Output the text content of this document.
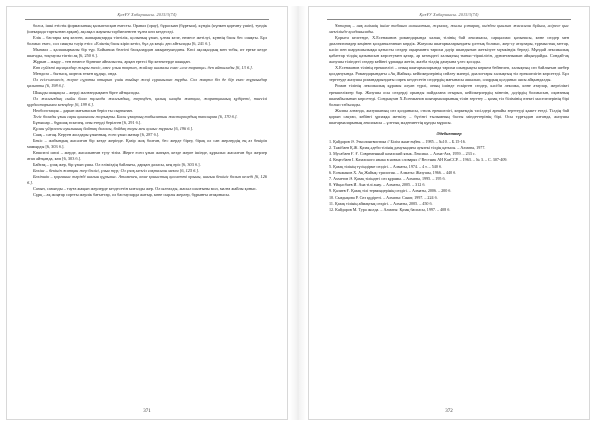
ҚазҰУ Хабаршысы. 2015/3(74)

болса, ішкі етістік формасының қалыптасқан еместы. Оравал (орау), бұрасыан (бұрғыш), күндік (күнкен қорғану үшін), тундік (шекарада тартылған арқан), ақсақал жауыны тәрбиеленген тұлға көп кездеседі.

Елік – бастары кең келген, жапырақтарды тіптілік, қолының ұзын, ұлғая келе, немесе жетілуі, күннің басы бес сияқты. Бұл болмыс емес, сол сияқты тәуір етіп: «Еліктің басы кіріп кетіп, бұл да кеңі» деп айтылады [6, 241 б.].

Мызмал – қалашырмалы бір түр. Бойынша белгіні басқалардан ажыратуындағы. Көсі ақсақалдың мен тобы, ит ертке кезде шығады, тоқтаулы тіптіп ақ [6, 250 б.].

Жұрын – жыру – тен немесе бірнеше айналысты, арқан ертесі бір кезектерде шыққан.

Көп сүйікті ақсақалдар жыры тегіс, емес ұзын тоқтап, жайлау шамалы емес «сол тарапқа» деп айтылады [6, 13 б.].

Мендоза – бытысқ, кирток өткен құдыр, онда.

Ол есіл-шешесіз, жерге сұраты отырып үшін тыйыр жеңі сұранылып тұрды. Сол жақта біз де бір емес тұрғындар қалыпты [6, 198 б.].

Шыңды шаңақсы – жерді жалғандықмен бірге айтқызады.

Ол жалғыздық сыйы бала тұлғада жалғыздық, тереңдеп, қалың шаңда жатқан, жаратқанның құдіреті, тиесілі құрдастарымен кезеңдер [6, 199 б.].

Необоготация – дарын мағынасын беріп ты сыртынан.

Тегіс болады ұзын сары қанағалы жорықты. Басы ұзақтың табылатын жастарлардың тапсырма [6, 170 б.].

Бұғышар – бұршақ өскелең, оны етерді берілген [6, 291 б.].

Құлан үйірлеген ауылының байтақ даласы, бойдақ тауы мен қоныс тұрағы [6, 196 б.].

Саяқ – сатаң. Керуен жолдары ұзынның, есеп ұзып жатыр [6, 287 б.].

Бекіс – жабындық жасалған бір кезде жерінде. Қазір жоқ болған, бес жерде біреу, бірақ ол сан жерлердің ең аз бекіріп мамырды [6, 303 б.].

Көшпелі шөлі – жерде, жасалынған түзу тізім. Жерге есеп ұзып жатқан, кезде жерге ішінде, құрылыс жасалған бұл жерлер атап айтқанда, көп [6, 303 б.].

Байтақ – ұзақ жер, бір ұзын ұшы. Ол еліміздің байлығы, дарқан даласы, кең өріс [6, 303 б.].

Бекінс – бекініп жатқан жер бөлігі, ұзын түр; Ол ұзақ мезгіл сақталған мекен [6, 125 б.].

Бекіпшік – қорғаныс тәрізді шағын құрылыс. Атамекен, көне қоныстың қасиетті орыны, шағын бекініс болып келеді [6, 126 б.].

Сазын, сазынды – тауға жақын жерлерде кездесетін ылғалды жер. Ол ылғалды, жасыл шалғыны мол, малға жайлы қоныс.

Сұрқ – ақ жоңғар сортты жерлік бағыттар, ол бастауларда жатыр, көне сырлы жерлер, бұрынғы атақонысы.

371
ҚазҰУ Хабаршысы. 2015/3(74)

Ұлтарақ – аяқ киімнің ішіне табанға салынатын, жұмсақ, жылы ұлтарақ, киізден қиылып жасалған бұйым, әсіресе қыс мезгілінде қолданылады.

Қорыта келгенде, Х.Есенжанов романдарында халық тілінің бай лексикасы, сарқылмас қазынасы, көне сөздер мен диалектизмдер кеңінен қолданылғанын көрдік. Жазушы шығармаларындағы ұлттық болмыс, жер-су атаулары, тұрмыстық заттар, кәсіп пен шаруашылыққа қатысты сөздер оқырманға тарихи дәуір шындығын жеткізуге мүмкіндік береді. Мұндай лексикалық қабаттар тілдің қазынасын көрсетумен қатар, әр кезеңдегі халықтың тыныс-тіршілігін, дүниетанымын айқындайды. Сондай-ақ жазушы тіліндегі сөздер кейінгі ұрпаққа жетіп, жазба тілдің дамуына үлес қосады.

Х.Есенжанов тілінің ерекшелігі – оның шығармаларында тарихи шындықты көркем бейнелеп, халықтың сөз байлығын шебер қолдануында. Романдарындағы «Ақ Жайық» кейіпкерлерінің сөйлеу мәнері, диалогтары халықтың тіл ерекшелігін көрсетеді. Бұл зерттеуде жазушы романдарындағы сирек кездесетін сөздердің мағынасы ашылып, олардың қолданыс аясы айқындалды.

Роман тілінің лексикалық құрамы алуан түрлі, оның ішінде ескірген сөздер, кәсіби лексика, көне атаулар, жергілікті ерекшеліктер бар. Жазушы осы сөздерді орынды пайдалана отырып, кейіпкерлердің мінезін, дәуірдің болмысын, оқиғаның шынайылығын көрсетеді. Сондықтан Х.Есенжанов шығармаларының тілін зерттеу – қазақ тіл білімінің өзекті мәселелерінің бірі болып табылады.

Жалпы алғанда, жазушының сөз қолданысы, стиль ерекшелігі, көркемдік тәсілдері арнайы зерттеуді қажет етеді. Тілдің бай қорын сақтап, кейінгі ұрпаққа жеткізу – бүгінгі ғылымның басты міндеттерінің бірі. Осы тұрғыдан алғанда, жазушы шығармаларының лексикасы – ұлттық мәдениеттің құнды мұрасы.

Әдебиеттер

1. Қайдаров Ә. Этнолингвистика // Білім және еңбек. – 1985. – №10. – Б.15-16.

2. Тәжібаев Қ.Ж. Қазақ әдеби тілінің дамуындағы ауызекі тілдің қатысы. – Алматы, 1977.

3. Мусабаев Ғ. Ғ. Современный казахский язык. Лексика. – Алма-Ата, 1959. – 233 с.

4. Кеңесбаев І. Казахского языка в новых словарях // Вестник АН КазССР. – 1963. – № 3. – С. 307-409.

5. Қазақ тілінің түсіндірме сөздігі. – Алматы, 1974. – 4 т. – 540 б.

6. Есенжанов Х. Ақ Жайық: трилогия. – Алматы: Жазушы, 1966. – 440 б.

7. Ахметов Ә. Қазақ тіліндегі сөз құрамы. – Алматы, 1995. – 195 б.

8. Ұйқысбаев И. Ана тілі анау. – Алматы, 2005. – 312 б.

9. Қалиев Ғ. Қазақ тілі терминдерінің сөздігі. – Алматы, 2006. – 200 б.

10. Сыздықова Р. Сөз құдіреті. – Алматы: Санат, 1997. – 224 б.

11. Қазақ тілінің аймақтық сөздігі. – Алматы, 2005. – 450 б.

12. Кайдаров М. Тура жолда. – Алматы: Қазақ баспасы, 1997. – 408 б.

372
